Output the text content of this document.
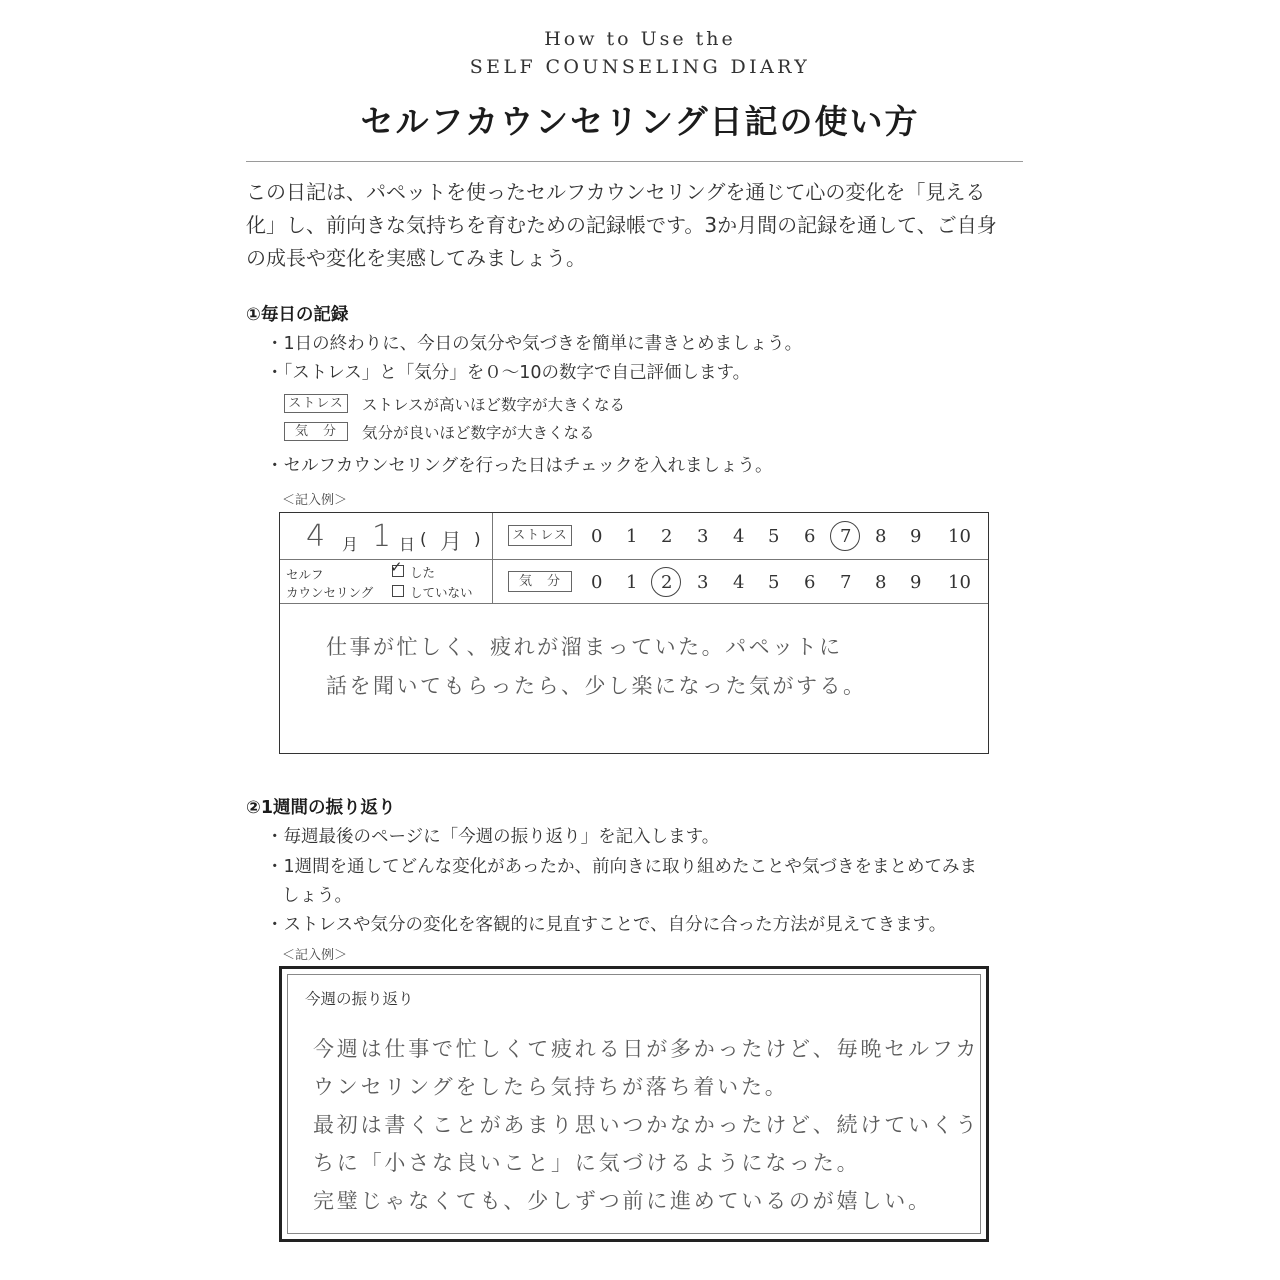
How to Use the
SELF COUNSELING DIARY
セルフカウンセリング日記の使い方
この日記は、パペットを使ったセルフカウンセリングを通じて心の変化を「見える
化」し、前向きな気持ちを育むための記録帳です。3か月間の記録を通して、ご自身
の成長や変化を実感してみましょう。
①毎日の記録
・1日の終わりに、今日の気分や気づきを簡単に書きとめましょう。
・「ストレス」と「気分」を０～10の数字で自己評価します。
ストレス ストレスが高いほど数字が大きくなる
気　分	気分が良いほど数字が大きくなる
・セルフカウンセリングを行った日はチェックを入れましょう。
＜記入例＞
4 月 1 日 ( 月 )
セルフ
カウンセリング
✓ した
していない
ストレス
気　分
0 1 2 3 4 5 6 7 8 9 10
0 1 2 3 4 5 6 7 8 9 10
仕事が忙しく、疲れが溜まっていた。パペットに
話を聞いてもらったら、少し楽になった気がする。
②1週間の振り返り
・毎週最後のページに「今週の振り返り」を記入します。
・1週間を通してどんな変化があったか、前向きに取り組めたことや気づきをまとめてみま
しょう。
・ストレスや気分の変化を客観的に見直すことで、自分に合った方法が見えてきます。
＜記入例＞
今週の振り返り
今週は仕事で忙しくて疲れる日が多かったけど、毎晩セルフカ
ウンセリングをしたら気持ちが落ち着いた。
最初は書くことがあまり思いつかなかったけど、続けていくう
ちに「小さな良いこと」に気づけるようになった。
完璧じゃなくても、少しずつ前に進めているのが嬉しい。
